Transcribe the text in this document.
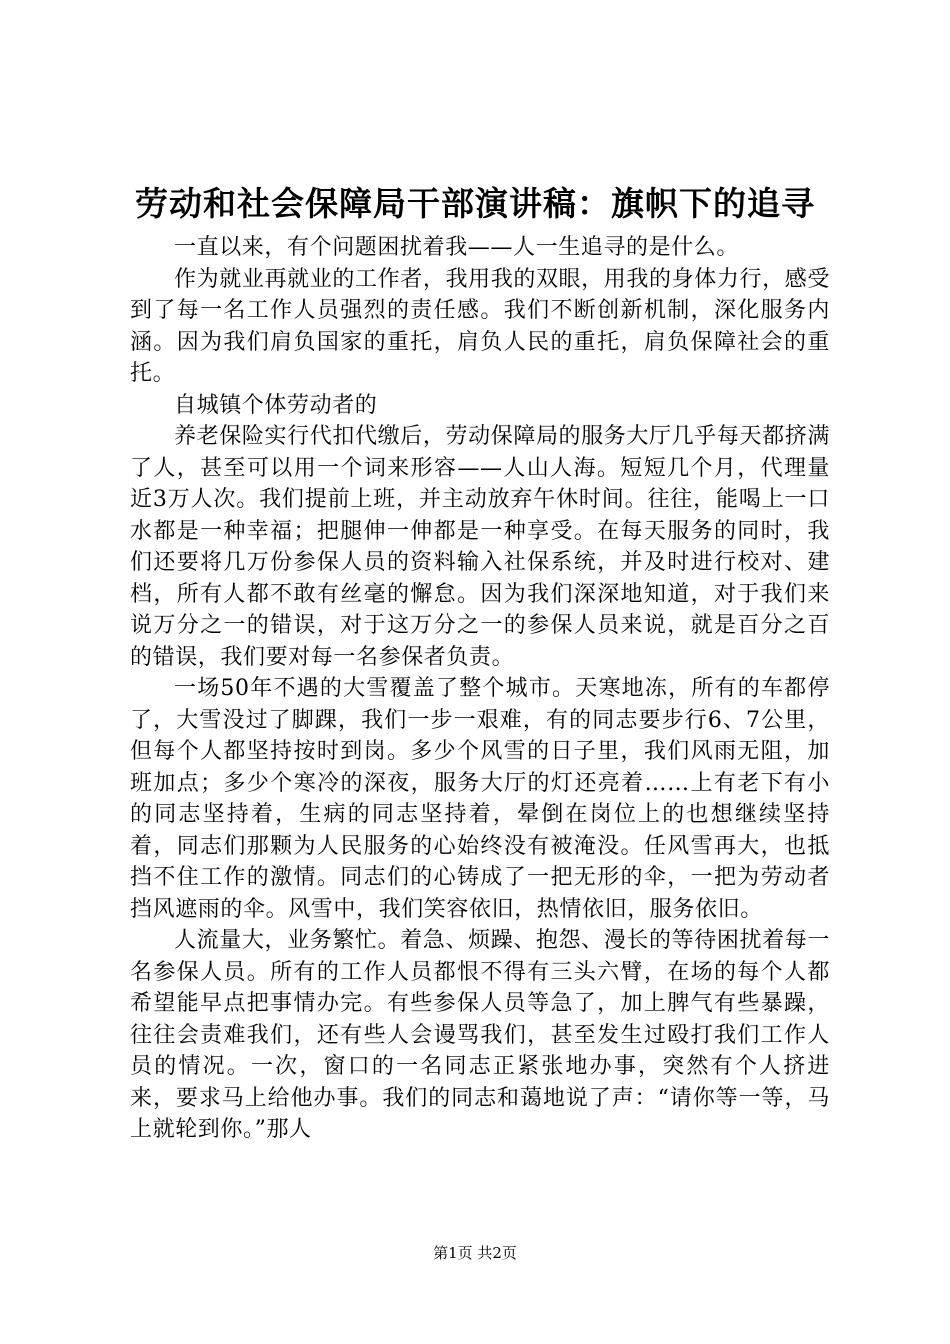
劳动和社会保障局干部演讲稿：旗帜下的追寻

一直以来，有个问题困扰着我——人一生追寻的是什么。

作为就业再就业的工作者，我用我的双眼，用我的身体力行，感受到了每一名工作人员强烈的责任感。我们不断创新机制，深化服务内涵。因为我们肩负国家的重托，肩负人民的重托，肩负保障社会的重托。

自城镇个体劳动者的

养老保险实行代扣代缴后，劳动保障局的服务大厅几乎每天都挤满了人，甚至可以用一个词来形容——人山人海。短短几个月，代理量近3万人次。我们提前上班，并主动放弃午休时间。往往，能喝上一口水都是一种幸福；把腿伸一伸都是一种享受。在每天服务的同时，我们还要将几万份参保人员的资料输入社保系统，并及时进行校对、建档，所有人都不敢有丝毫的懈怠。因为我们深深地知道，对于我们来说万分之一的错误，对于这万分之一的参保人员来说，就是百分之百的错误，我们要对每一名参保者负责。

一场50年不遇的大雪覆盖了整个城市。天寒地冻，所有的车都停了，大雪没过了脚踝，我们一步一艰难，有的同志要步行6、7公里，但每个人都坚持按时到岗。多少个风雪的日子里，我们风雨无阻，加班加点；多少个寒冷的深夜，服务大厅的灯还亮着……上有老下有小的同志坚持着，生病的同志坚持着，晕倒在岗位上的也想继续坚持着，同志们那颗为人民服务的心始终没有被淹没。任风雪再大，也抵挡不住工作的激情。同志们的心铸成了一把无形的伞，一把为劳动者挡风遮雨的伞。风雪中，我们笑容依旧，热情依旧，服务依旧。

人流量大，业务繁忙。着急、烦躁、抱怨、漫长的等待困扰着每一名参保人员。所有的工作人员都恨不得有三头六臂，在场的每个人都希望能早点把事情办完。有些参保人员等急了，加上脾气有些暴躁，往往会责难我们，还有些人会谩骂我们，甚至发生过殴打我们工作人员的情况。一次，窗口的一名同志正紧张地办事，突然有个人挤进来，要求马上给他办事。我们的同志和蔼地说了声：“请你等一等，马上就轮到你。”那人

第1页 共2页
